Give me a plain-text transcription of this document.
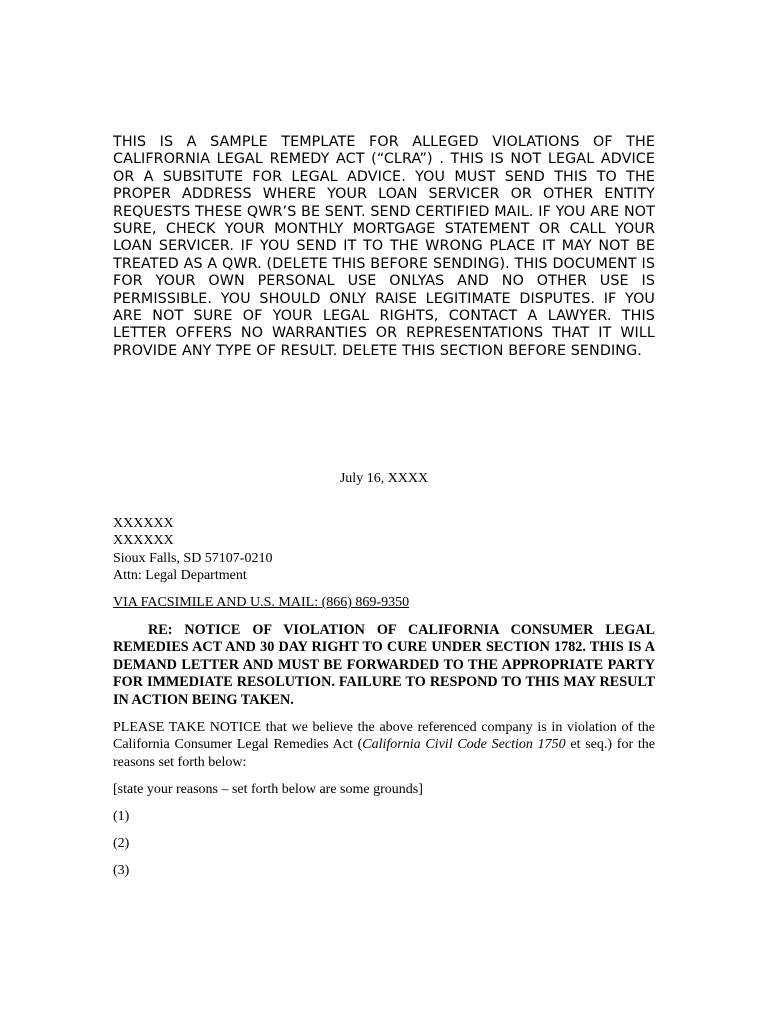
THIS IS A SAMPLE TEMPLATE FOR ALLEGED VIOLATIONS OF THE CALIFRORNIA LEGAL REMEDY ACT (“CLRA”) . THIS IS NOT LEGAL ADVICE OR A SUBSITUTE FOR LEGAL ADVICE. YOU MUST SEND THIS TO THE PROPER ADDRESS WHERE YOUR LOAN SERVICER OR OTHER ENTITY REQUESTS THESE QWR’S BE SENT. SEND CERTIFIED MAIL. IF YOU ARE NOT SURE, CHECK YOUR MONTHLY MORTGAGE STATEMENT OR CALL YOUR LOAN SERVICER. IF YOU SEND IT TO THE WRONG PLACE IT MAY NOT BE TREATED AS A QWR. (DELETE THIS BEFORE SENDING). THIS DOCUMENT IS FOR YOUR OWN PERSONAL USE ONLYAS AND NO OTHER USE IS PERMISSIBLE. YOU SHOULD ONLY RAISE LEGITIMATE DISPUTES. IF YOU ARE NOT SURE OF YOUR LEGAL RIGHTS, CONTACT A LAWYER. THIS LETTER OFFERS NO WARRANTIES OR REPRESENTATIONS THAT IT WILL PROVIDE ANY TYPE OF RESULT. DELETE THIS SECTION BEFORE SENDING.

July 16, XXXX

XXXXXX
XXXXXX
Sioux Falls, SD 57107-0210
Attn: Legal Department

VIA FACSIMILE AND U.S. MAIL: (866) 869-9350

RE: NOTICE OF VIOLATION OF CALIFORNIA CONSUMER LEGAL REMEDIES ACT AND 30 DAY RIGHT TO CURE UNDER SECTION 1782. THIS IS A DEMAND LETTER AND MUST BE FORWARDED TO THE APPROPRIATE PARTY FOR IMMEDIATE RESOLUTION. FAILURE TO RESPOND TO THIS MAY RESULT IN ACTION BEING TAKEN.

PLEASE TAKE NOTICE that we believe the above referenced company is in violation of the California Consumer Legal Remedies Act (California Civil Code Section 1750 et seq.) for the reasons set forth below:

[state your reasons – set forth below are some grounds]

(1)

(2)

(3)
